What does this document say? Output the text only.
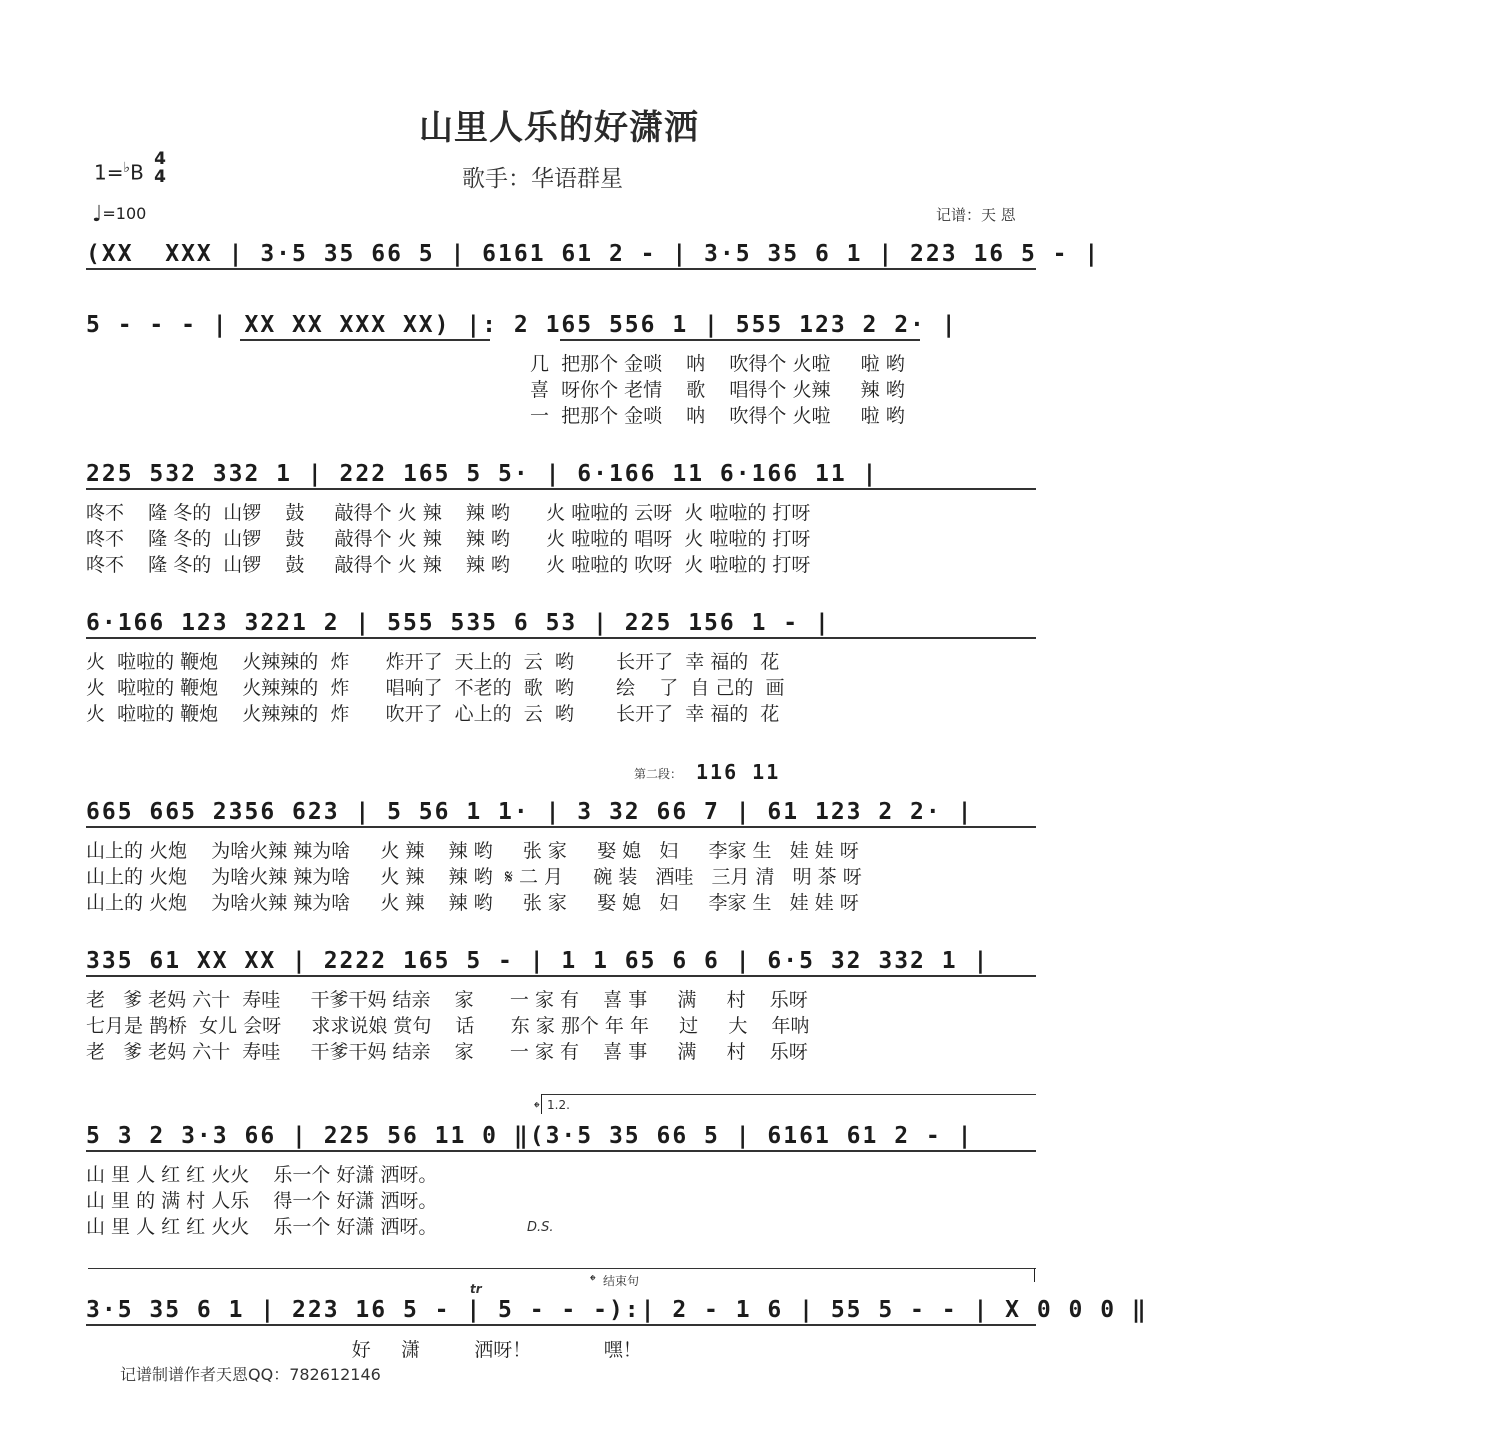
山里人乐的好潇洒
歌手：华语群星
1=♭B
4
4
♩=100	记谱：天 恩
(XX  XXX | 3·5 35 66 5 | 6161 61 2 - | 3·5 35 6 1 | 223 16 5 - |
5 - - - | XX XX XXX XX) |: 2 165 556 1 | 555 123 2 2· |
几  把那个 金唢    呐    吹得个 火啦     啦 哟
喜  呀你个 老情    歌    唱得个 火辣     辣 哟
一  把那个 金唢    呐    吹得个 火啦     啦 哟
225 532 332 1 | 222 165 5 5· | 6·166 11 6·166 11 |
咚不    隆 冬的  山锣    鼓     敲得个 火 辣    辣 哟      火 啦啦的 云呀  火 啦啦的 打呀
咚不    隆 冬的  山锣    鼓     敲得个 火 辣    辣 哟      火 啦啦的 唱呀  火 啦啦的 打呀
咚不    隆 冬的  山锣    鼓     敲得个 火 辣    辣 哟      火 啦啦的 吹呀  火 啦啦的 打呀
6·166 123 3221 2 | 555 535 6 53 | 225 156 1 - |
火  啦啦的 鞭炮    火辣辣的  炸      炸开了  天上的  云  哟       长开了  幸 福的  花
火  啦啦的 鞭炮    火辣辣的  炸      唱响了  不老的  歌  哟       绘    了  自 己的  画
火  啦啦的 鞭炮    火辣辣的  炸      吹开了  心上的  云  哟       长开了  幸 福的  花
第二段： 116 11
665 665 2356 623 | 5 56 1 1· | 3 32 66 7 | 61 123 2 2· |
山上的 火炮    为啥火辣 辣为啥     火 辣    辣 哟     张 家     娶 媳   妇     李家 生   娃 娃 呀
山上的 火炮    为啥火辣 辣为啥     火 辣    辣 哟  𝄋 二 月     碗 装   酒哇   三月 清   明 茶 呀
山上的 火炮    为啥火辣 辣为啥     火 辣    辣 哟     张 家     娶 媳   妇     李家 生   娃 娃 呀
335 61 XX XX | 2222 165 5 - | 1 1 65 6 6 | 6·5 32 332 1 |
老   爹 老妈 六十  寿哇     干爹干妈 结亲    家      一 家 有    喜 事     满     村    乐呀
七月是 鹊桥  女儿 会呀     求求说娘 赏句    话      东 家 那个 年 年     过     大    年呐
老   爹 老妈 六十  寿哇     干爹干妈 结亲    家      一 家 有    喜 事     满     村    乐呀
𝄌 1.2.
5 3 2 3·3 66 | 225 56 11 0 ‖(3·5 35 66 5 | 6161 61 2 - |
山 里 人 红 红 火火    乐一个 好潇 洒呀。
山 里 的 满 村 人乐    得一个 好潇 洒呀。
山 里 人 红 红 火火    乐一个 好潇 洒呀。	D.S.
𝄌 结束句
tr
3·5 35 6 1 | 223 16 5 - | 5 - - -):| 2 - 1 6 | 55 5 - - | X 0 0 0 ‖
好     潇         洒呀！            嘿！
记谱制谱作者天恩QQ：782612146
